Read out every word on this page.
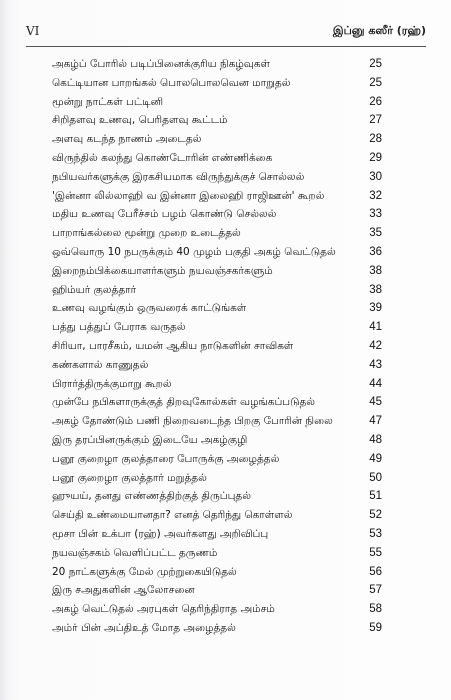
VI	இப்னு கஸீர் (ரஹ்)
அகழ்ப் போரில் படிப்பினைக்குரிய நிகழ்வுகள்	25
கெட்டியான பாறங்கல் பொலபொலவென மாறுதல்	25
மூன்று நாட்கள் பட்டினி	26
சிறிதளவு உணவு, பெரிதளவு கூட்டம்	27
அளவு கடந்த நாணம் அடைதல்	28
விருந்தில் கலந்து கொண்டோரின் எண்ணிக்கை	29
நபியவர்களுக்கு இரகசியமாக விருந்துக்குச் சொல்லல்	30
'இன்னா லில்லாஹி வ இன்னா இலைஹி ராஜிஊன்' கூறல்	32
மதிய உணவு பேரீச்சம் பழம் கொண்டு செல்லல்	33
பாறாங்கல்லை மூன்று முறை உடைத்தல்	35
ஒவ்வொரு 10 நபருக்கும் 40 முழம் பகுதி அகழ் வெட்டுதல்	36
இறைநம்பிக்கையாளர்களும் நயவஞ்சகர்களும்	38
ஹிம்யர் குலத்தார்	38
உணவு வழங்கும் ஒருவரைக் காட்டுங்கள்	39
பத்து பத்துப் பேராக வருதல்	41
சிரியா, பாரசீகம், யமன் ஆகிய நாடுகளின் சாவிகள்	42
கண்களால் காணுதல்	43
பிரார்த்திருக்குமாறு கூறல்	44
முன்பே நபிகளாருக்குத் திறவுகோல்கள் வழங்கப்படுதல்	45
அகழ் தோண்டும் பணி நிறைவடைந்த பிறகு போரின் நிலை	47
இரு தரப்பினருக்கும் இடையே அகழ்குழி	48
பனூ குறைழா குலத்தாரை போருக்கு அழைத்தல்	49
பனூ குறைழா குலத்தார் மறுத்தல்	50
ஹுயய், தனது எண்ணத்திற்குத் திருப்புதல்	51
செய்தி உண்மையானதா? எனத் தெரிந்து கொள்ளல்	52
மூசா பின் உக்பா (ரஹ்) அவர்களது அறிவிப்பு	53
நயவஞ்சகம் வெளிப்பட்ட தருணம்	55
20 நாட்களுக்கு மேல் முற்றுகையிடுதல்	56
இரு சஅதுகளின் ஆலோசனை	57
அகழ் வெட்டுதல் அரபுகள் தெரிந்திராத அம்சம்	58
அம்ர் பின் அப்திஉத் மோத அழைத்தல்	59
